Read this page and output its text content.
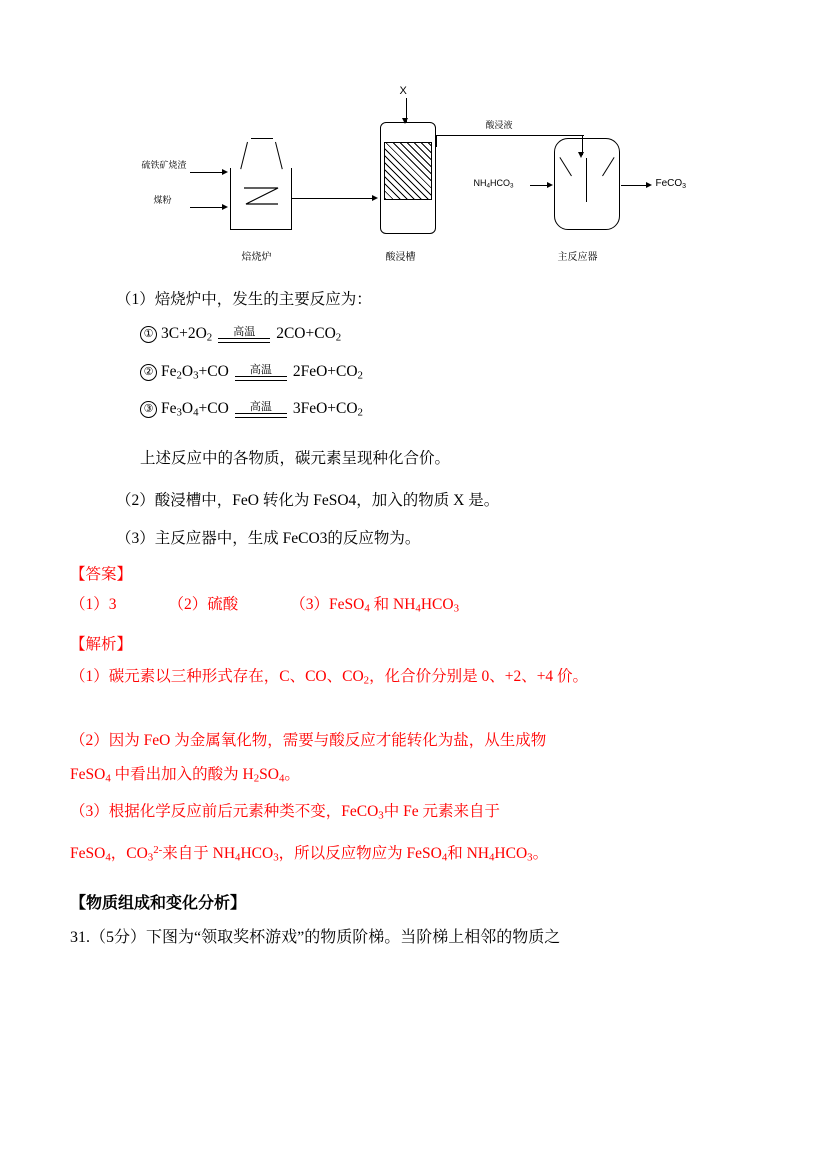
X
硫铁矿烧渣
煤粉
酸浸液
$NH_4HCO_3$	FeCO$_3$
焙烧炉	酸浸槽	主反应器
（1）焙烧炉中，发生的主要反应为：
① $3C+2O_2$	高温	$2CO+CO_2$
② $Fe_2O_3+CO$	高温	$2FeO+CO_2$
③ $Fe_3O_4+CO$	高温	$3FeO+CO_2$
上述反应中的各物质，碳元素呈现种化合价。
（2）酸浸槽中，FeO 转化为 FeSO4，加入的物质 X 是。
（3）主反应器中，生成 FeCO3的反应物为。
【答案】
（1）3	（2）硫酸	（3）FeSO$_4$ 和 $NH_4HCO_3$
【解析】
（1）碳元素以三种形式存在，C、CO、$CO_2$，化合价分别是 0、+2、+4 价。
（2）因为 FeO 为金属氧化物，需要与酸反应才能转化为盐，从生成物
FeSO$_4$ 中看出加入的酸为 $H_2SO_4$。
（3）根据化学反应前后元素种类不变，FeCO$_3$中 Fe 元素来自于
FeSO$_4$，$CO_3^{2-}$来自于 $NH_4HCO_3$，所以反应物应为 FeSO$_4$和 $NH_4HCO_3$。
【物质组成和变化分析】
31.（5分）下图为“领取奖杯游戏”的物质阶梯。当阶梯上相邻的物质之
